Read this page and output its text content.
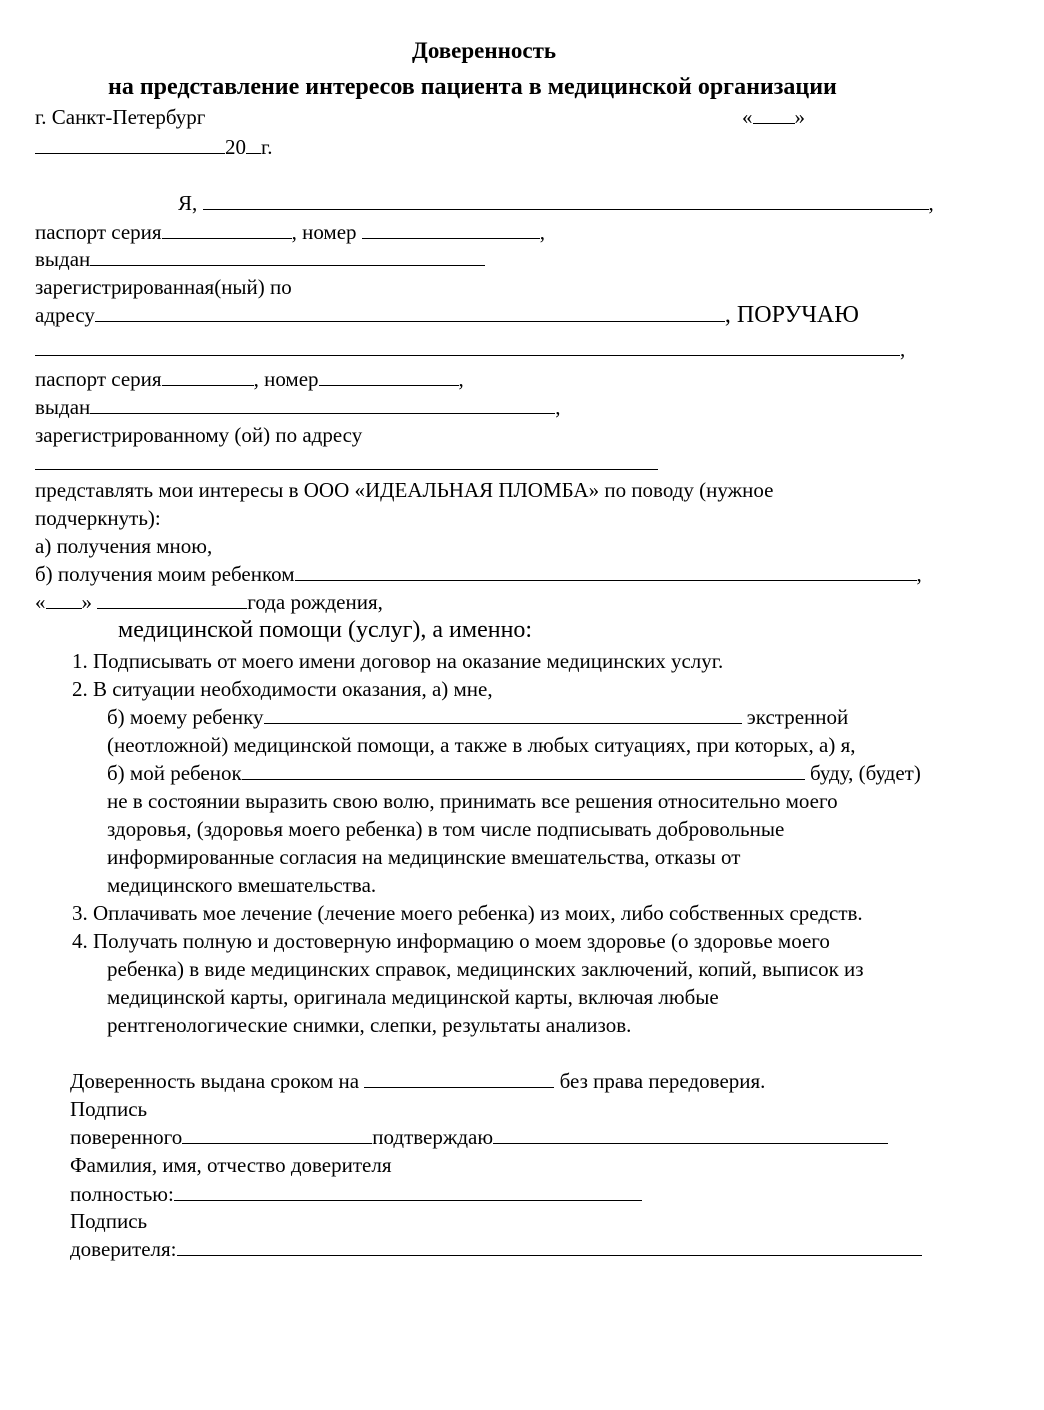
Доверенность
на представление интересов пациента в медицинской организации
г. Санкт-Петербург	« »
20 г.
Я,	,
паспорт серия	, номер	,
выдан
зарегистрированная(ный) по
адресу	, ПОРУЧАЮ
,
паспорт серия	, номер	,
выдан	,
зарегистрированному (ой) по адресу
представлять мои интересы в ООО «ИДЕАЛЬНАЯ ПЛОМБА» по поводу (нужное
подчеркнуть):
а) получения мною,
б) получения моим ребенком	,
« »	года рождения,
медицинской помощи (услуг), а именно:
1. Подписывать от моего имени договор на оказание медицинских услуг.
2. В ситуации необходимости оказания, а) мне,
б) моему ребенку	экстренной
(неотложной) медицинской помощи, а также в любых ситуациях, при которых, а) я,
б) мой ребенок	буду, (будет)
не в состоянии выразить свою волю, принимать все решения относительно моего
здоровья, (здоровья моего ребенка) в том числе подписывать добровольные
информированные согласия на медицинские вмешательства, отказы от
медицинского вмешательства.
3. Оплачивать мое лечение (лечение моего ребенка) из моих, либо собственных средств.
4. Получать полную и достоверную информацию о моем здоровье (о здоровье моего
ребенка) в виде медицинских справок, медицинских заключений, копий, выписок из
медицинской карты, оригинала медицинской карты, включая любые
рентгенологические снимки, слепки, результаты анализов.
Доверенность выдана сроком на	без права передоверия.
Подпись
поверенного	подтверждаю
Фамилия, имя, отчество доверителя
полностью:
Подпись
доверителя:
